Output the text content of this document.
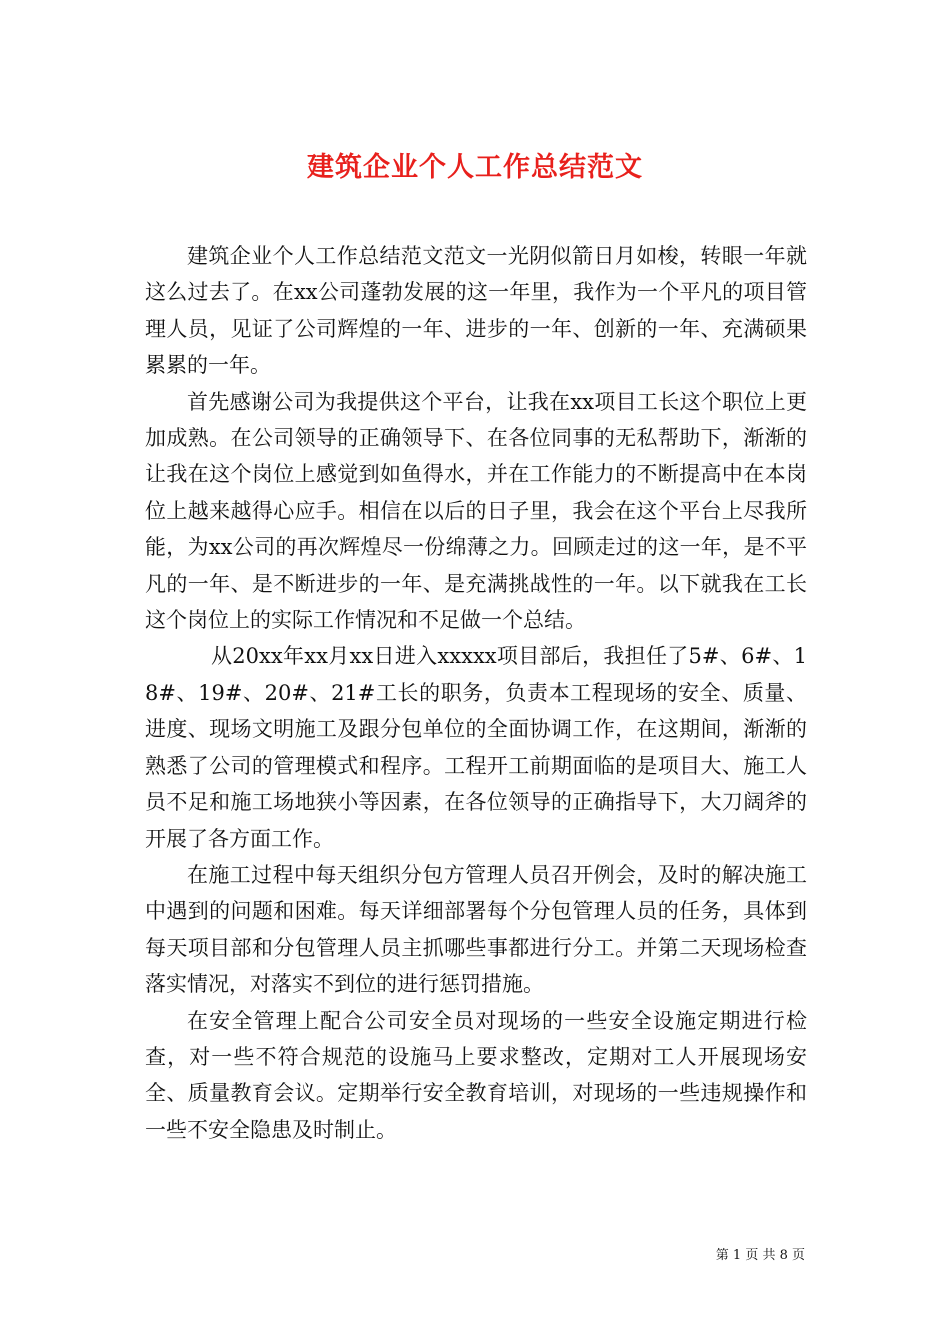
建筑企业个人工作总结范文

建筑企业个人工作总结范文范文一光阴似箭日月如梭，转眼一年就这么过去了。在xx公司蓬勃发展的这一年里，我作为一个平凡的项目管理人员，见证了公司辉煌的一年、进步的一年、创新的一年、充满硕果累累的一年。

首先感谢公司为我提供这个平台，让我在xx项目工长这个职位上更加成熟。在公司领导的正确领导下、在各位同事的无私帮助下，渐渐的让我在这个岗位上感觉到如鱼得水，并在工作能力的不断提高中在本岗位上越来越得心应手。相信在以后的日子里，我会在这个平台上尽我所能，为xx公司的再次辉煌尽一份绵薄之力。回顾走过的这一年，是不平凡的一年、是不断进步的一年、是充满挑战性的一年。以下就我在工长这个岗位上的实际工作情况和不足做一个总结。

从20xx年xx月xx日进入xxxxx项目部后，我担任了5#、6#、18#、19#、20#、21#工长的职务，负责本工程现场的安全、质量、进度、现场文明施工及跟分包单位的全面协调工作，在这期间，渐渐的熟悉了公司的管理模式和程序。工程开工前期面临的是项目大、施工人员不足和施工场地狭小等因素，在各位领导的正确指导下，大刀阔斧的开展了各方面工作。

在施工过程中每天组织分包方管理人员召开例会，及时的解决施工中遇到的问题和困难。每天详细部署每个分包管理人员的任务，具体到每天项目部和分包管理人员主抓哪些事都进行分工。并第二天现场检查落实情况，对落实不到位的进行惩罚措施。

在安全管理上配合公司安全员对现场的一些安全设施定期进行检查，对一些不符合规范的设施马上要求整改，定期对工人开展现场安全、质量教育会议。定期举行安全教育培训，对现场的一些违规操作和一些不安全隐患及时制止。

第 1 页 共 8 页
